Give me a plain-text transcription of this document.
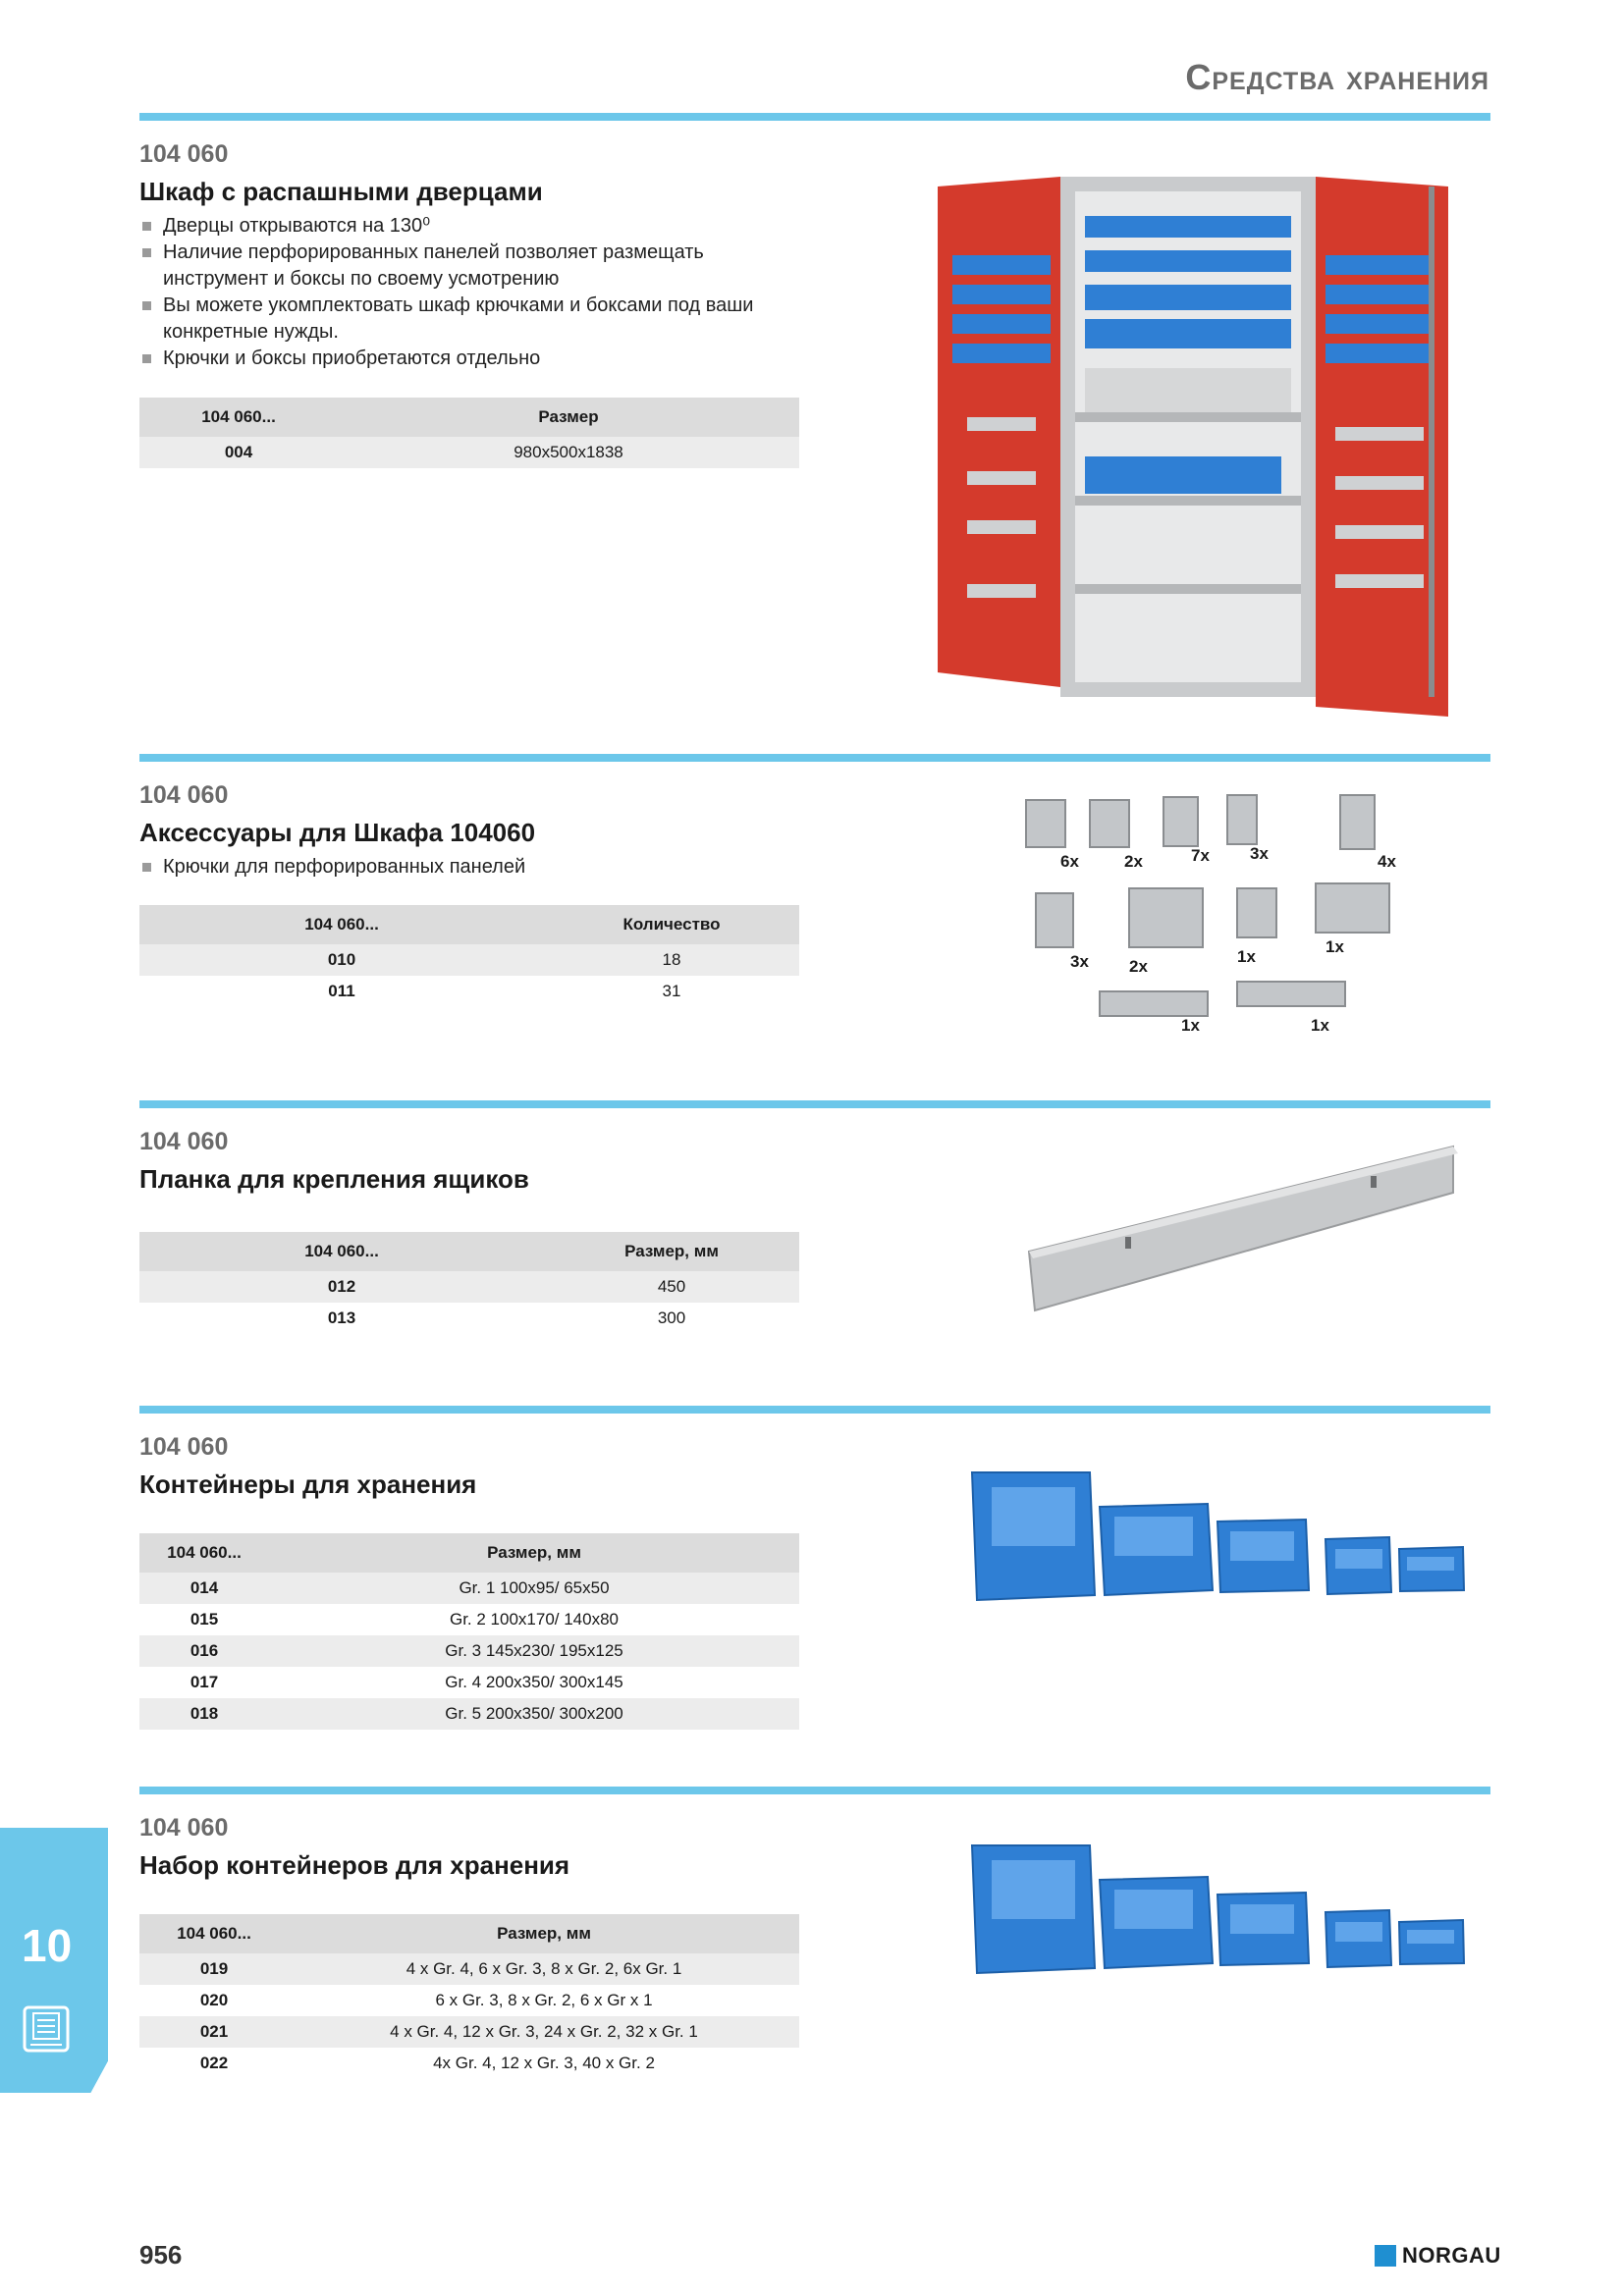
Средства хранения
104 060
Шкаф с распашными дверцами
Дверцы открываются на 130⁰
Наличие перфорированных панелей позволяет размещать инструмент и боксы по своему усмотрению
Вы можете укомплектовать шкаф крючками и боксами под ваши конкретные нужды.
Крючки и боксы приобретаются отдельно
104 060...	Размер
004	980x500x1838
104 060
Аксессуары для Шкафа 104060
Крючки для перфорированных панелей
104 060...	Количество
010	18
011	31
6x	2x	7x 3x	4x
3x 2x
1x
1x
1x	1x
104 060
Планка для крепления ящиков
104 060...	Размер, мм
012	450
013	300
104 060
Контейнеры для хранения
104 060...	Размер, мм
014	Gr. 1 100x95/ 65x50
015	Gr. 2 100x170/ 140x80
016	Gr. 3 145x230/ 195x125
017	Gr. 4 200x350/ 300x145
018	Gr. 5 200x350/ 300x200
104 060
Набор контейнеров для хранения
104 060...	Размер, мм
019	4 x Gr. 4, 6 x Gr. 3, 8 x Gr. 2, 6x Gr. 1
020	6 x Gr. 3, 8 x Gr. 2, 6 x Gr x 1
021	4 x Gr. 4, 12 x Gr. 3, 24 x Gr. 2, 32 x Gr. 1
022	4x Gr. 4, 12 x Gr. 3, 40 x Gr. 2
10
956	NORGAU
